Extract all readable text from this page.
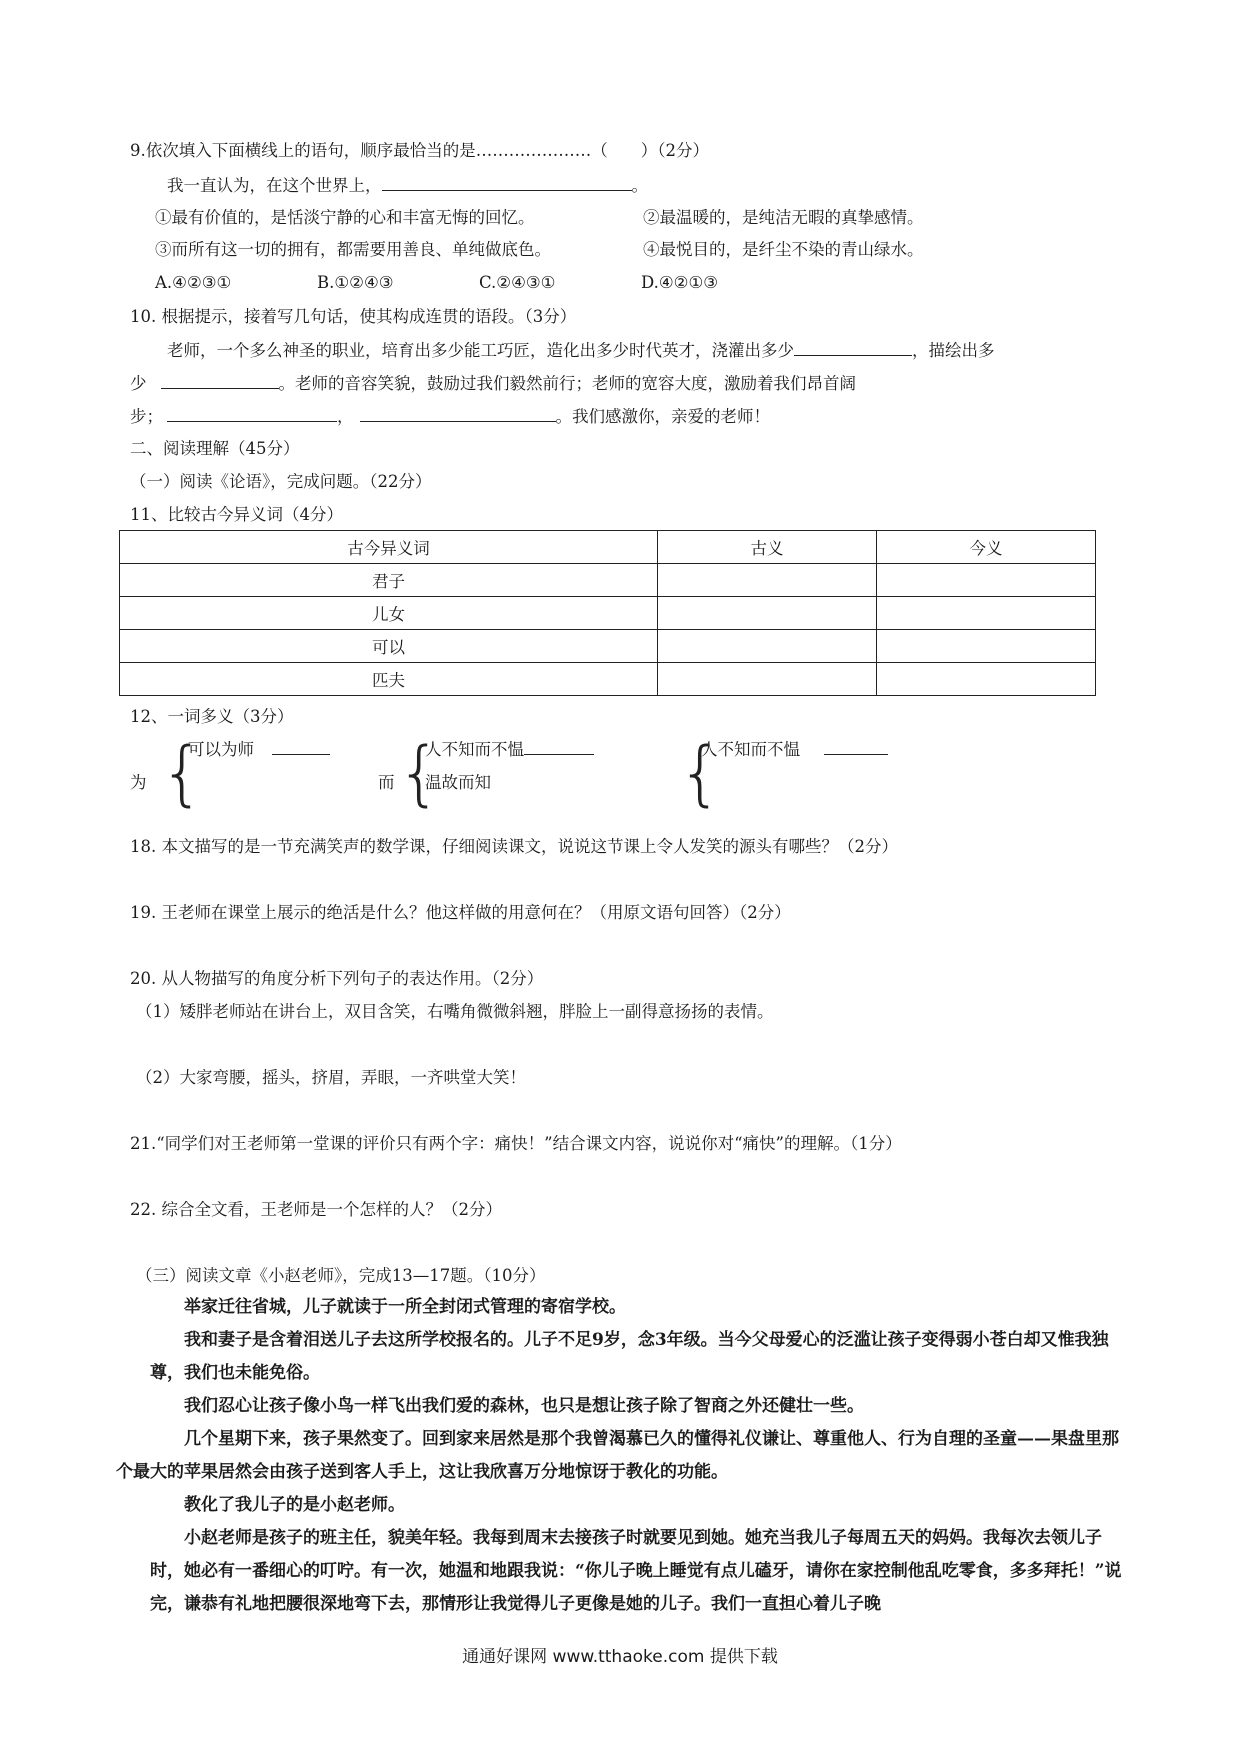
9.依次填入下面横线上的语句，顺序最恰当的是…………………（　　）（2分）
我一直认为，在这个世界上，	。
①最有价值的，是恬淡宁静的心和丰富无悔的回忆。	②最温暖的，是纯洁无暇的真挚感情。
③而所有这一切的拥有，都需要用善良、单纯做底色。	④最悦目的，是纤尘不染的青山绿水。
A.④②③①	B.①②④③	C.②④③①	D.④②①③
10. 根据提示，接着写几句话，使其构成连贯的语段。（3分）
老师，一个多么神圣的职业，培育出多少能工巧匠，造化出多少时代英才，浇灌出多少	，描绘出多
少	。老师的音容笑貌，鼓励过我们毅然前行；老师的宽容大度，激励着我们昂首阔
步；	，	。我们感激你，亲爱的老师！
二、阅读理解（45分）
（一）阅读《论语》，完成问题。（22分）
11、比较古今异义词（4分）
古今异义词	古义	今义
君子		
儿女		
可以		
匹夫		
12、一词多义（3分）
为 {
可以为师
而 {
人不知而不愠
温故而知	{
人不知而不愠
18. 本文描写的是一节充满笑声的数学课，仔细阅读课文，说说这节课上令人发笑的源头有哪些？（2分）
19. 王老师在课堂上展示的绝活是什么？他这样做的用意何在？（用原文语句回答）（2分）
20. 从人物描写的角度分析下列句子的表达作用。（2分）
（1）矮胖老师站在讲台上，双目含笑，右嘴角微微斜翘，胖脸上一副得意扬扬的表情。
（2）大家弯腰，摇头，挤眉，弄眼，一齐哄堂大笑！
21.“同学们对王老师第一堂课的评价只有两个字：痛快！”结合课文内容，说说你对“痛快”的理解。（1分）
22. 综合全文看，王老师是一个怎样的人？（2分）
（三）阅读文章《小赵老师》，完成13—17题。（10分）

举家迁往省城，儿子就读于一所全封闭式管理的寄宿学校。

我和妻子是含着泪送儿子去这所学校报名的。儿子不足9岁，念3年级。当今父母爱心的泛滥让孩子变得弱小苍白却又惟我独尊，我们也未能免俗。

我们忍心让孩子像小鸟一样飞出我们爱的森林，也只是想让孩子除了智商之外还健壮一些。

几个星期下来，孩子果然变了。回到家来居然是那个我曾渴慕已久的懂得礼仪谦让、尊重他人、行为自理的圣童——果盘里那个最大的苹果居然会由孩子送到客人手上，这让我欣喜万分地惊讶于教化的功能。

教化了我儿子的是小赵老师。

小赵老师是孩子的班主任，貌美年轻。我每到周末去接孩子时就要见到她。她充当我儿子每周五天的妈妈。我每次去领儿子时，她必有一番细心的叮咛。有一次，她温和地跟我说：“你儿子晚上睡觉有点儿磕牙，请你在家控制他乱吃零食，多多拜托！”说完，谦恭有礼地把腰很深地弯下去，那情形让我觉得儿子更像是她的儿子。我们一直担心着儿子晚

通通好课网 www.tthaoke.com 提供下载
